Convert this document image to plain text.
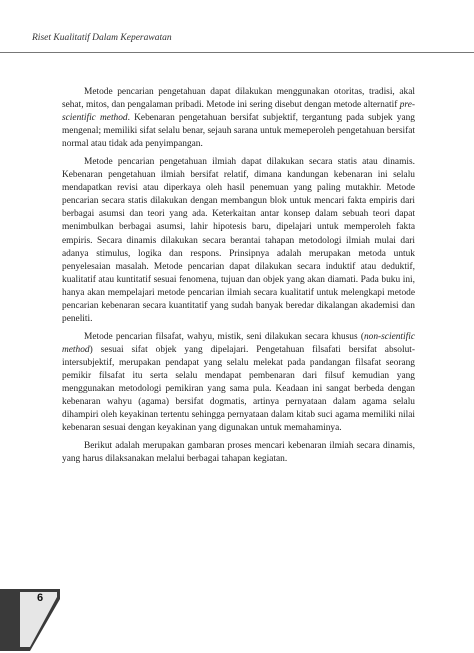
Riset Kualitatif Dalam Keperawatan

Metode pencarian pengetahuan dapat dilakukan menggunakan otoritas, tradisi, akal sehat, mitos, dan pengalaman pribadi. Metode ini sering disebut dengan metode alternatif pre-scientific method. Kebenaran pengetahuan bersifat subjektif, tergantung pada subjek yang mengenal; memiliki sifat selalu benar, sejauh sarana untuk memeperoleh pengetahuan bersifat normal atau tidak ada penyimpangan.

Metode pencarian pengetahuan ilmiah dapat dilakukan secara statis atau dinamis. Kebenaran pengetahuan ilmiah bersifat relatif, dimana kandungan kebenaran ini selalu mendapatkan revisi atau diperkaya oleh hasil penemuan yang paling mutakhir. Metode pencarian secara statis dilakukan dengan membangun blok untuk mencari fakta empiris dari berbagai asumsi dan teori yang ada. Keterkaitan antar konsep dalam sebuah teori dapat menimbulkan berbagai asumsi, lahir hipotesis baru, dipelajari untuk memperoleh fakta empiris. Secara dinamis dilakukan secara berantai tahapan metodologi ilmiah mulai dari adanya stimulus, logika dan respons. Prinsipnya adalah merupakan metoda untuk penyelesaian masalah. Metode pencarian dapat dilakukan secara induktif atau deduktif, kualitatif atau kuntitatif sesuai fenomena, tujuan dan objek yang akan diamati. Pada buku ini, hanya akan mempelajari metode pencarian ilmiah secara kualitatif untuk melengkapi metode pencarian kebenaran secara kuantitatif yang sudah banyak beredar dikalangan akademisi dan peneliti.

Metode pencarian filsafat, wahyu, mistik, seni dilakukan secara khusus (non-scientific method) sesuai sifat objek yang dipelajari. Pengetahuan filsafati bersifat absolut-intersubjektif, merupakan pendapat yang selalu melekat pada pandangan filsafat seorang pemikir filsafat itu serta selalu mendapat pembenaran dari filsuf kemudian yang menggunakan metodologi pemikiran yang sama pula. Keadaan ini sangat berbeda dengan kebenaran wahyu (agama) bersifat dogmatis, artinya pernyataan dalam agama selalu dihampiri oleh keyakinan tertentu sehingga pernyataan dalam kitab suci agama memiliki nilai kebenaran sesuai dengan keyakinan yang digunakan untuk memahaminya.

Berikut adalah merupakan gambaran proses mencari kebenaran ilmiah secara dinamis, yang harus dilaksanakan melalui berbagai tahapan kegiatan.

6
